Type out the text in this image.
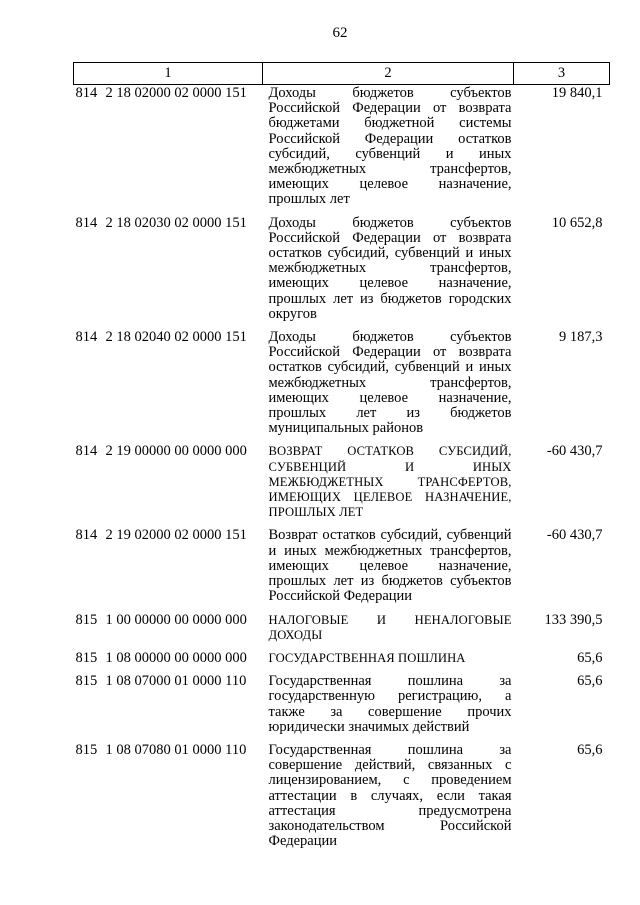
62
1	2	3
814 2 18 02000 02 0000 151	Доходы бюджетов субъектов Российской Федерации от возврата бюджетами бюджетной системы Российской Федерации остатков субсидий, субвенций и иных межбюджетных трансфертов, имеющих целевое назначение, прошлых лет	19 840,1
814 2 18 02030 02 0000 151	Доходы бюджетов субъектов Российской Федерации от возврата остатков субсидий, субвенций и иных межбюджетных трансфертов, имеющих целевое назначение, прошлых лет из бюджетов городских округов	10 652,8
814 2 18 02040 02 0000 151	Доходы бюджетов субъектов Российской Федерации от возврата остатков субсидий, субвенций и иных межбюджетных трансфертов, имеющих целевое назначение, прошлых лет из бюджетов муниципальных районов	9 187,3
814 2 19 00000 00 0000 000	ВОЗВРАТ ОСТАТКОВ СУБСИДИЙ, СУБВЕНЦИЙ И ИНЫХ МЕЖБЮДЖЕТНЫХ ТРАНСФЕРТОВ, ИМЕЮЩИХ ЦЕЛЕВОЕ НАЗНАЧЕНИЕ, ПРОШЛЫХ ЛЕТ	-60 430,7
814 2 19 02000 02 0000 151	Возврат остатков субсидий, субвенций и иных межбюджетных трансфертов, имеющих целевое назначение, прошлых лет из бюджетов субъектов Российской Федерации	-60 430,7
815 1 00 00000 00 0000 000	НАЛОГОВЫЕ И НЕНАЛОГОВЫЕ ДОХОДЫ	133 390,5
815 1 08 00000 00 0000 000	ГОСУДАРСТВЕННАЯ ПОШЛИНА	65,6
815 1 08 07000 01 0000 110	Государственная пошлина за государственную регистрацию, а также за совершение прочих юридически значимых действий	65,6
815 1 08 07080 01 0000 110	Государственная пошлина за совершение действий, связанных с лицензированием, с проведением аттестации в случаях, если такая аттестация предусмотрена законодательством Российской Федерации	65,6
